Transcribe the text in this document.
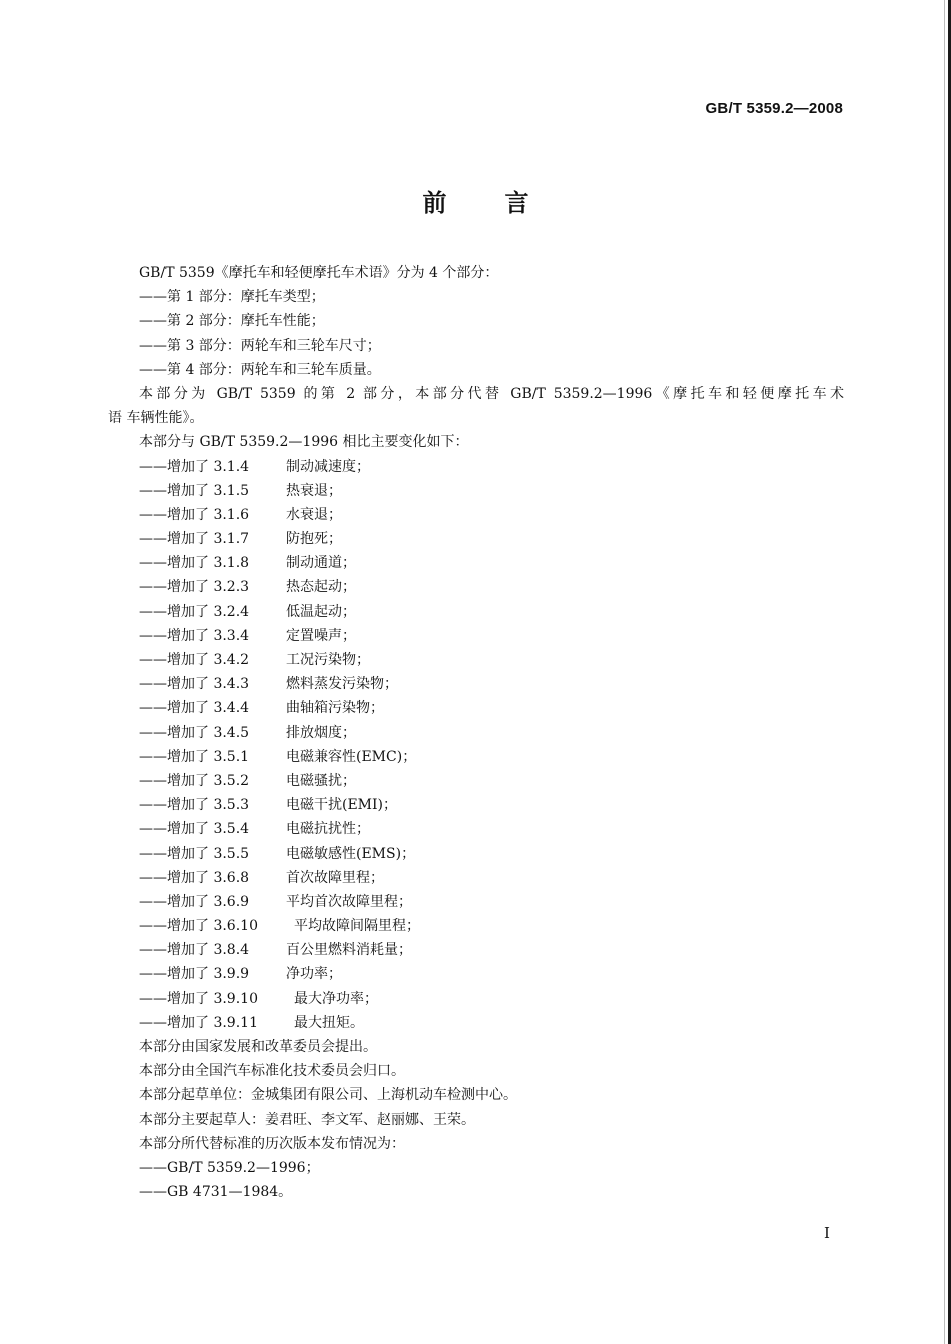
GB/T 5359.2—2008
前言
GB/T 5359《摩托车和轻便摩托车术语》分为 4 个部分：
——第 1 部分：摩托车类型；
——第 2 部分：摩托车性能；
——第 3 部分：两轮车和三轮车尺寸；
——第 4 部分：两轮车和三轮车质量。
本部分为 GB/T 5359 的第 2 部分，本部分代替 GB/T 5359.2—1996《摩托车和轻便摩托车术
语 车辆性能》。
本部分与 GB/T 5359.2—1996 相比主要变化如下：
——增加了 3.1.4	制动减速度；
——增加了 3.1.5	热衰退；
——增加了 3.1.6	水衰退；
——增加了 3.1.7	防抱死；
——增加了 3.1.8	制动通道；
——增加了 3.2.3	热态起动；
——增加了 3.2.4	低温起动；
——增加了 3.3.4	定置噪声；
——增加了 3.4.2	工况污染物；
——增加了 3.4.3	燃料蒸发污染物；
——增加了 3.4.4	曲轴箱污染物；
——增加了 3.4.5	排放烟度；
——增加了 3.5.1	电磁兼容性(EMC)；
——增加了 3.5.2	电磁骚扰；
——增加了 3.5.3	电磁干扰(EMI)；
——增加了 3.5.4	电磁抗扰性；
——增加了 3.5.5	电磁敏感性(EMS)；
——增加了 3.6.8	首次故障里程；
——增加了 3.6.9	平均首次故障里程；
——增加了 3.6.10	平均故障间隔里程；
——增加了 3.8.4	百公里燃料消耗量；
——增加了 3.9.9	净功率；
——增加了 3.9.10	最大净功率；
——增加了 3.9.11	最大扭矩。
本部分由国家发展和改革委员会提出。
本部分由全国汽车标准化技术委员会归口。
本部分起草单位：金城集团有限公司、上海机动车检测中心。
本部分主要起草人：姜君旺、李文军、赵丽娜、王荣。
本部分所代替标准的历次版本发布情况为：
——GB/T 5359.2—1996；
——GB 4731—1984。
I
